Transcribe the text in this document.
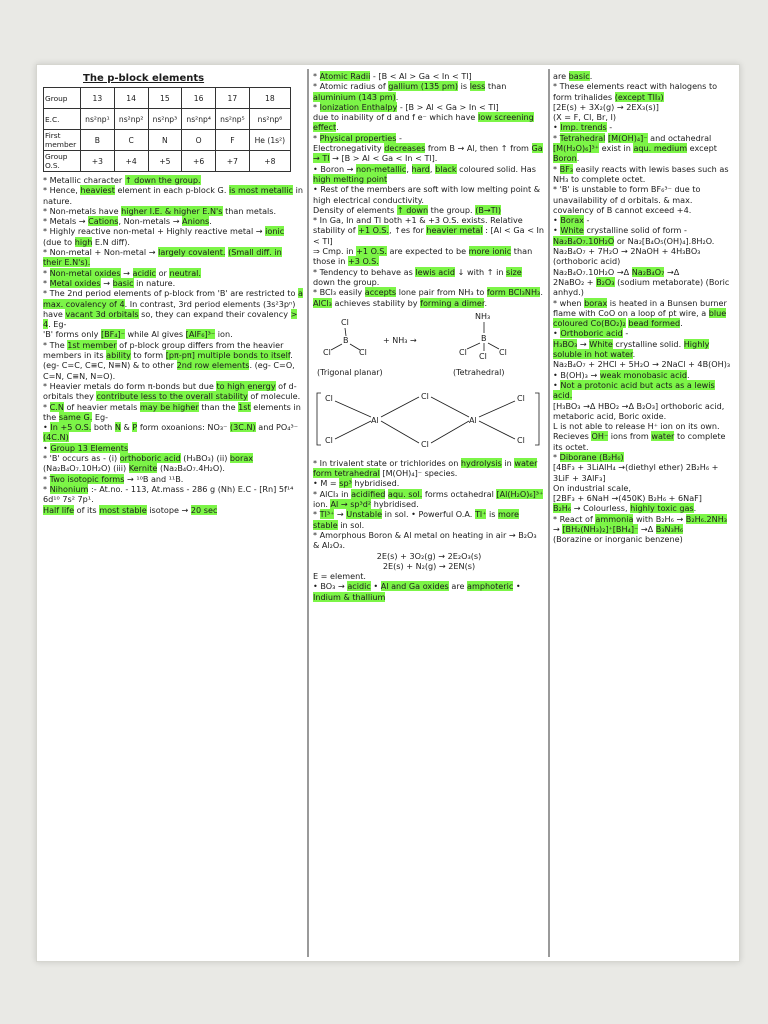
The p-block elements
Group	13	14	15	16	17	18
E.C.	ns²np¹	ns²np²	ns²np³	ns²np⁴	ns²np⁵	ns²np⁶
First member	B	C	N	O	F	He (1s²)
Group O.S.	+3	+4	+5	+6	+7	+8

* Metallic character ↑ down the group.

* Hence, heaviest element in each p-block G. is most metallic in nature.

* Non-metals have higher I.E. & higher E.N's than metals.

* Metals → Cations, Non-metals → Anions.

* Highly reactive non-metal + Highly reactive metal → ionic (due to high E.N diff).

* Non-metal + Non-metal → largely covalent. (Small diff. in their E.N's).

* Non-metal oxides → acidic or neutral.

* Metal oxides → basic in nature.

* The 2nd period elements of p-block from 'B' are restricted to a max. covalency of 4. In contrast, 3rd period elements (3s²3pⁿ) have vacant 3d orbitals so, they can expand their covalency > 4. Eg-

'B' forms only [BF₄]⁻ while Al gives [AlF₆]³⁻ ion.

* The 1st member of p-block group differs from the heavier members in its ability to form [pπ-pπ] multiple bonds to itself. (eg- C=C, C≡C, N≡N) & to other 2nd row elements. (eg- C=O, C=N, C≡N, N=O).

* Heavier metals do form π-bonds but due to high energy of d-orbitals they contribute less to the overall stability of molecule.

* C.N of heavier metals may be higher than the 1st elements in the same G. Eg-

• In +5 O.S. both N & P form oxoanions: NO₃⁻ (3C.N) and PO₄³⁻ (4C.N)

• Group 13 Elements

* 'B' occurs as - (i) orthoboric acid (H₃BO₃) (ii) borax (Na₂B₄O₇.10H₂O) (iii) Kernite (Na₂B₄O₇.4H₂O).

* Two isotopic forms → ¹⁰B and ¹¹B.

* Nihonium :- At.no. - 113, At.mass - 286 g (Nh) E.C - [Rn] 5f¹⁴ 6d¹⁰ 7s² 7p¹.

Half life of its most stable isotope → 20 sec

* Atomic Radii - [B < Al > Ga < In < Tl]

* Atomic radius of gallium (135 pm) is less than aluminium (143 pm).

* Ionization Enthalpy - [B > Al < Ga > In < Tl]

due to inability of d and f e⁻ which have low screening effect.

* Physical properties -

Electronegativity decreases from B → Al, then ↑ from Ga → Tl → [B > Al < Ga < In < Tl].

• Boron → non-metallic, hard, black coloured solid. Has high melting point

• Rest of the members are soft with low melting point & high electrical conductivity.

Density of elements ↑ down the group. (B→Tl)

* In Ga, In and Tl both +1 & +3 O.S. exists. Relative stability of +1 O.S., ↑es for heavier metal : [Al < Ga < In < Tl]

⇒ Cmp. in +1 O.S. are expected to be more ionic than those in +3 O.S.

* Tendency to behave as lewis acid ↓ with ↑ in size down the group.

* BCl₃ easily accepts lone pair from NH₃ to form BCl₃NH₃. AlCl₃ achieves stability by forming a dimer.

Cl
B
Cl	Cl
+ NH₃ →
NH₃
B
Cl Cl Cl
(Trigonal planar)	(Tetrahedral)

Cl
Cl
Al
Cl
Cl
Al
Cl
Cl

* In trivalent state or trichlorides on hydrolysis in water form tetrahedral [M(OH)₄]⁻ species.

• M = sp³ hybridised.

* AlCl₃ in acidified aqu. sol. forms octahedral [Al(H₂O)₆]³⁺ ion. Al → sp³d² hybridised.

* Tl³⁺ → Unstable in sol. • Powerful O.A. Tl⁺ is more stable in sol.

* Amorphous Boron & Al metal on heating in air → B₂O₃ & Al₂O₃.

2E(s) + 3O₂(g) → 2E₂O₃(s)

2E(s) + N₂(g) → 2EN(s)

E = element.

• BO₃ → acidic • Al and Ga oxides are amphoteric • Indium & thallium

are basic.

* These elements react with halogens to form trihalides (except TlI₃)

[2E(s) + 3X₂(g) → 2EX₃(s)]

(X = F, Cl, Br, I)

• Imp. trends -

* Tetrahedral [M(OH)₄]⁻ and octahedral [M(H₂O)₆]³⁺ exist in aqu. medium except Boron.

* BF₃ easily reacts with lewis bases such as NH₃ to complete octet.

* 'B' is unstable to form BF₆³⁻ due to unavailability of d orbitals. & max. covalency of B cannot exceed +4.

• Borax -

• White crystalline solid of form - Na₂B₄O₇.10H₂O or Na₂[B₄O₅(OH)₄].8H₂O.

Na₂B₄O₇ + 7H₂O → 2NaOH + 4H₃BO₃

(orthoboric acid)

Na₂B₄O₇.10H₂O →Δ Na₂B₄O₇ →Δ

2NaBO₂ + B₂O₃ (sodium metaborate) (Boric anhyd.)

* when borax is heated in a Bunsen burner flame with CoO on a loop of pt wire, a blue coloured Co(BO₂)₂ bead formed.

• Orthoboric acid -

H₃BO₃ → White crystalline solid. Highly soluble in hot water.

Na₂B₄O₇ + 2HCl + 5H₂O → 2NaCl + 4B(OH)₃

• B(OH)₃ → weak monobasic acid.

• Not a protonic acid but acts as a lewis acid.

[H₃BO₃ →Δ HBO₂ →Δ B₂O₃] orthoboric acid, metaboric acid, Boric oxide.

L is not able to release H⁺ ion on its own. Recieves OH⁻ ions from water to complete its octet.

* Diborane (B₂H₆)

[4BF₃ + 3LiAlH₄ →(diethyl ether) 2B₂H₆ + 3LiF + 3AlF₃]

On industrial scale,

[2BF₃ + 6NaH →(450K) B₂H₆ + 6NaF]

B₂H₆ → Colourless, highly toxic gas.

* React of ammonia with B₂H₆ → B₂H₆.2NH₃

→ [BH₂(NH₃)₂]⁺[BH₄]⁻ →Δ B₃N₃H₆

(Borazine or inorganic benzene)
